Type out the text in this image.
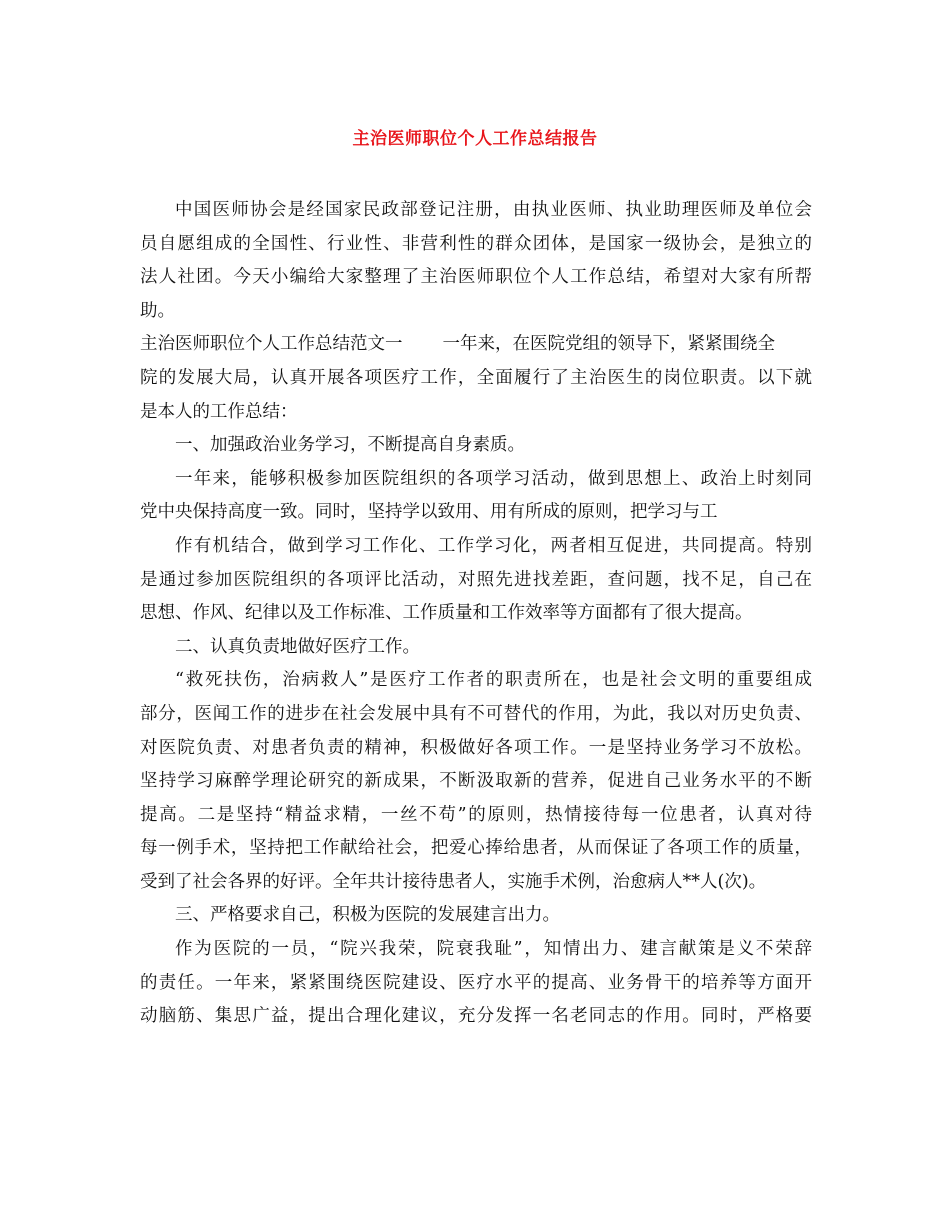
主治医师职位个人工作总结报告
中国医师协会是经国家民政部登记注册，由执业医师、执业助理医师及单位会
员自愿组成的全国性、行业性、非营利性的群众团体，是国家一级协会，是独立的
法人社团。今天小编给大家整理了主治医师职位个人工作总结，希望对大家有所帮
助。
主治医师职位个人工作总结范文一 一年来，在医院党组的领导下，紧紧围绕全
院的发展大局，认真开展各项医疗工作，全面履行了主治医生的岗位职责。以下就
是本人的工作总结：
一、加强政治业务学习，不断提高自身素质。
一年来，能够积极参加医院组织的各项学习活动，做到思想上、政治上时刻同
党中央保持高度一致。同时，坚持学以致用、用有所成的原则，把学习与工
作有机结合，做到学习工作化、工作学习化，两者相互促进，共同提高。特别
是通过参加医院组织的各项评比活动，对照先进找差距，查问题，找不足，自己在
思想、作风、纪律以及工作标准、工作质量和工作效率等方面都有了很大提高。
二、认真负责地做好医疗工作。
“救死扶伤，治病救人”是医疗工作者的职责所在，也是社会文明的重要组成
部分，医闻工作的进步在社会发展中具有不可替代的作用，为此，我以对历史负责、
对医院负责、对患者负责的精神，积极做好各项工作。一是坚持业务学习不放松。
坚持学习麻醉学理论研究的新成果，不断汲取新的营养，促进自己业务水平的不断
提高。二是坚持“精益求精，一丝不苟”的原则，热情接待每一位患者，认真对待
每一例手术，坚持把工作献给社会，把爱心捧给患者，从而保证了各项工作的质量，
受到了社会各界的好评。全年共计接待患者人，实施手术例，治愈病人**人(次)。
三、严格要求自己，积极为医院的发展建言出力。
作为医院的一员，“院兴我荣，院衰我耻”，知情出力、建言献策是义不荣辞
的责任。一年来，紧紧围绕医院建设、医疗水平的提高、业务骨干的培养等方面开
动脑筋、集思广益，提出合理化建议，充分发挥一名老同志的作用。同时，严格要
